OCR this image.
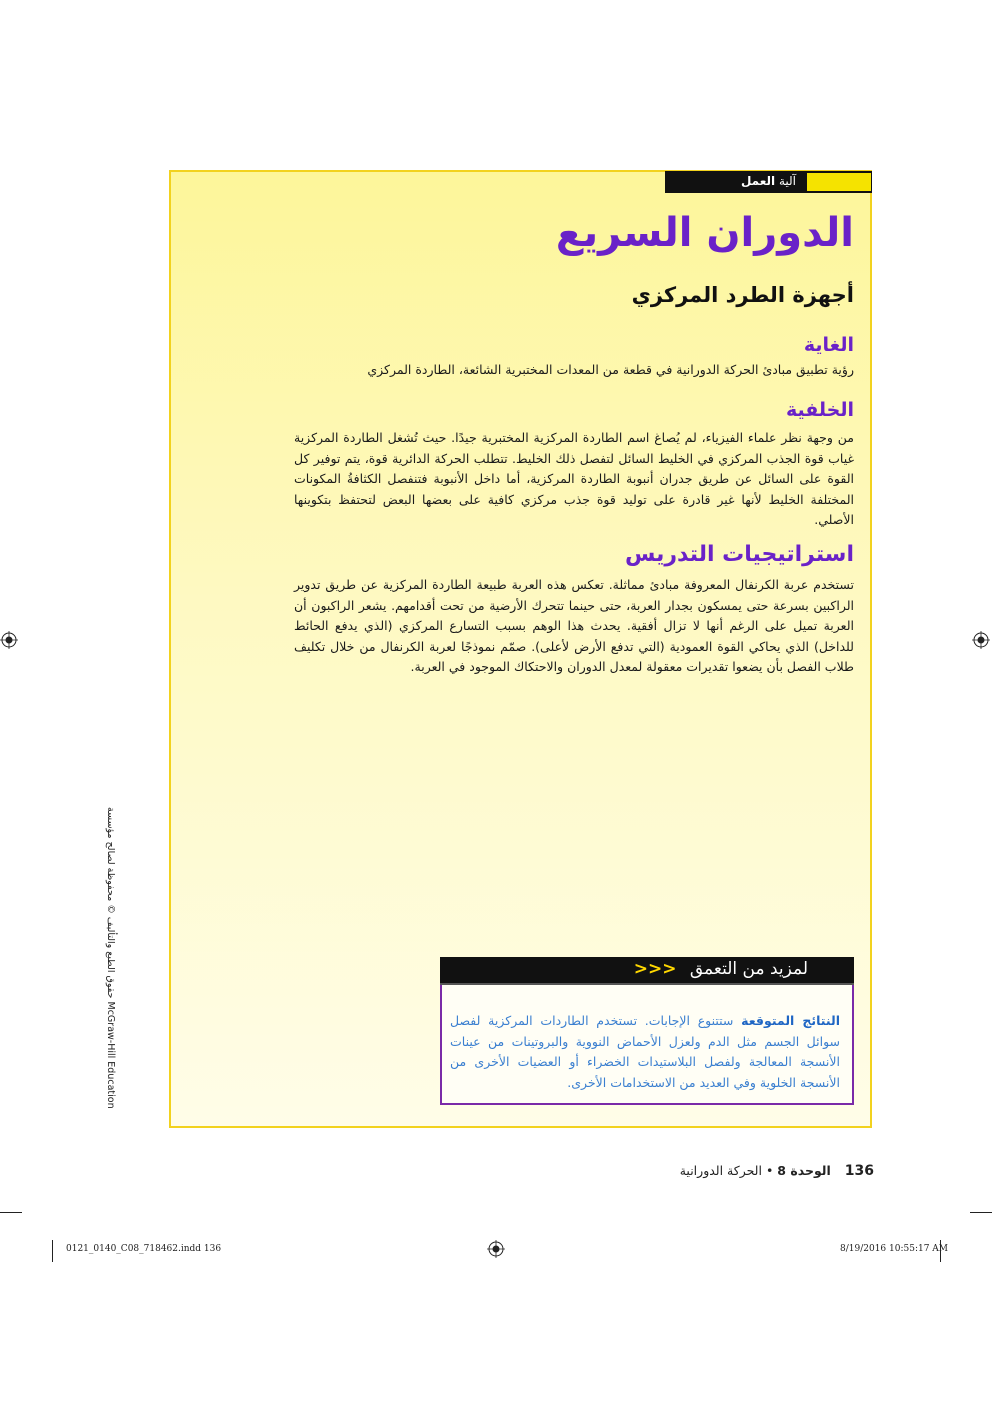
آلية العمل
الدوران السريع
أجهزة الطرد المركزي
الغاية

رؤية تطبيق مبادئ الحركة الدورانية في قطعة من المعدات المختبرية الشائعة، الطاردة المركزي

الخلفية

من وجهة نظر علماء الفيزياء، لم يُصاغ اسم الطاردة المركزية المختبرية جيدًا. حيث تُشغل الطاردة المركزية غياب قوة الجذب المركزي في الخليط السائل لتفصل ذلك الخليط. تتطلب الحركة الدائرية قوة، يتم توفير كل القوة على السائل عن طريق جدران أنبوبة الطاردة المركزية، أما داخل الأنبوبة فتنفصل الكثافةُ المكونات المختلفة الخليط لأنها غير قادرة على توليد قوة جذب مركزي كافية على بعضها البعض لتحتفظ بتكوينها الأصلي.

استراتيجيات التدريس

تستخدم عربة الكرنفال المعروفة مبادئ مماثلة. تعكس هذه العربة طبيعة الطاردة المركزية عن طريق تدوير الراكبين بسرعة حتى يمسكون بجدار العربة، حتى حينما تتحرك الأرضية من تحت أقدامهم. يشعر الراكبون أن العربة تميل على الرغم أنها لا تزال أفقية. يحدث هذا الوهم بسبب التسارع المركزي (الذي يدفع الحائط للداخل) الذي يحاكي القوة العمودية (التي تدفع الأرض لأعلى). صمّم نموذجًا لعربة الكرنفال من خلال تكليف طلاب الفصل بأن يضعوا تقديرات معقولة لمعدل الدوران والاحتكاك الموجود في العربة.

لمزيد من التعمق >>>

النتائج المتوقعة ستتنوع الإجابات. تستخدم الطاردات المركزية لفصل سوائل الجسم مثل الدم ولعزل الأحماض النووية والبروتينات من عينات الأنسجة المعالجة ولفصل البلاستيدات الخضراء أو العضيات الأخرى من الأنسجة الخلوية وفي العديد من الاستخدامات الأخرى.

حقوق الطبع والتأليف © محفوظة لصالح مؤسسة McGraw-Hill Education
136 الوحدة 8 • الحركة الدورانية
0121_0140_C08_718462.indd 136	8/19/2016 10:55:17 AM
